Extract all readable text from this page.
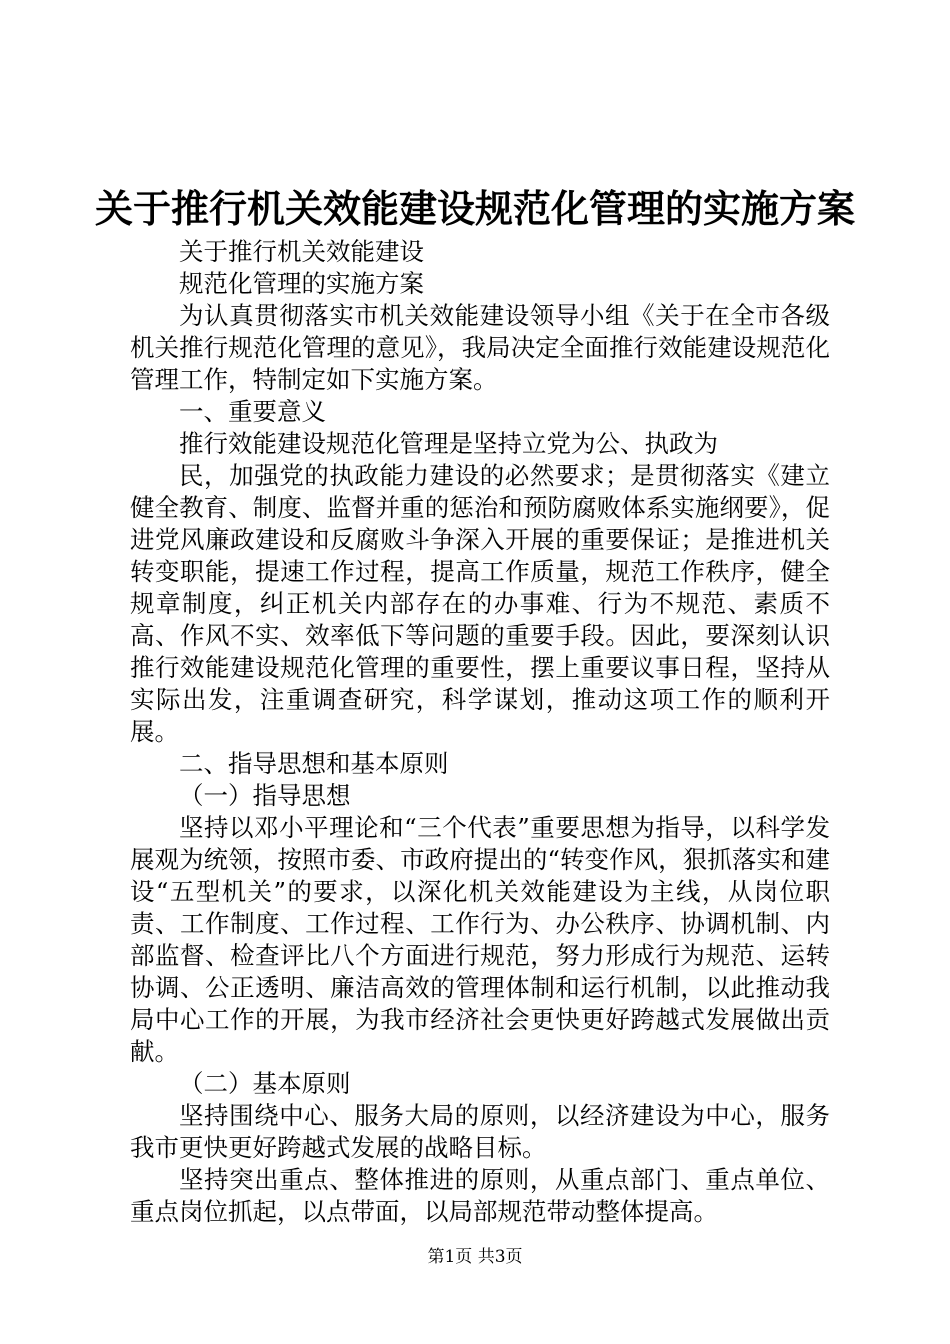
关于推行机关效能建设规范化管理的实施方案

关于推行机关效能建设

规范化管理的实施方案

为认真贯彻落实市机关效能建设领导小组《关于在全市各级机关推行规范化管理的意见》，我局决定全面推行效能建设规范化管理工作，特制定如下实施方案。

一、重要意义

推行效能建设规范化管理是坚持立党为公、执政为

民，加强党的执政能力建设的必然要求；是贯彻落实《建立健全教育、制度、监督并重的惩治和预防腐败体系实施纲要》，促进党风廉政建设和反腐败斗争深入开展的重要保证；是推进机关转变职能，提速工作过程，提高工作质量，规范工作秩序，健全规章制度，纠正机关内部存在的办事难、行为不规范、素质不高、作风不实、效率低下等问题的重要手段。因此，要深刻认识推行效能建设规范化管理的重要性，摆上重要议事日程，坚持从实际出发，注重调查研究，科学谋划，推动这项工作的顺利开展。

二、指导思想和基本原则

（一）指导思想

坚持以邓小平理论和“三个代表”重要思想为指导，以科学发展观为统领，按照市委、市政府提出的“转变作风，狠抓落实和建设“五型机关”的要求，以深化机关效能建设为主线，从岗位职责、工作制度、工作过程、工作行为、办公秩序、协调机制、内部监督、检查评比八个方面进行规范，努力形成行为规范、运转协调、公正透明、廉洁高效的管理体制和运行机制，以此推动我局中心工作的开展，为我市经济社会更快更好跨越式发展做出贡献。

（二）基本原则

坚持围绕中心、服务大局的原则，以经济建设为中心，服务我市更快更好跨越式发展的战略目标。

坚持突出重点、整体推进的原则，从重点部门、重点单位、重点岗位抓起，以点带面，以局部规范带动整体提高。

第1页 共3页
